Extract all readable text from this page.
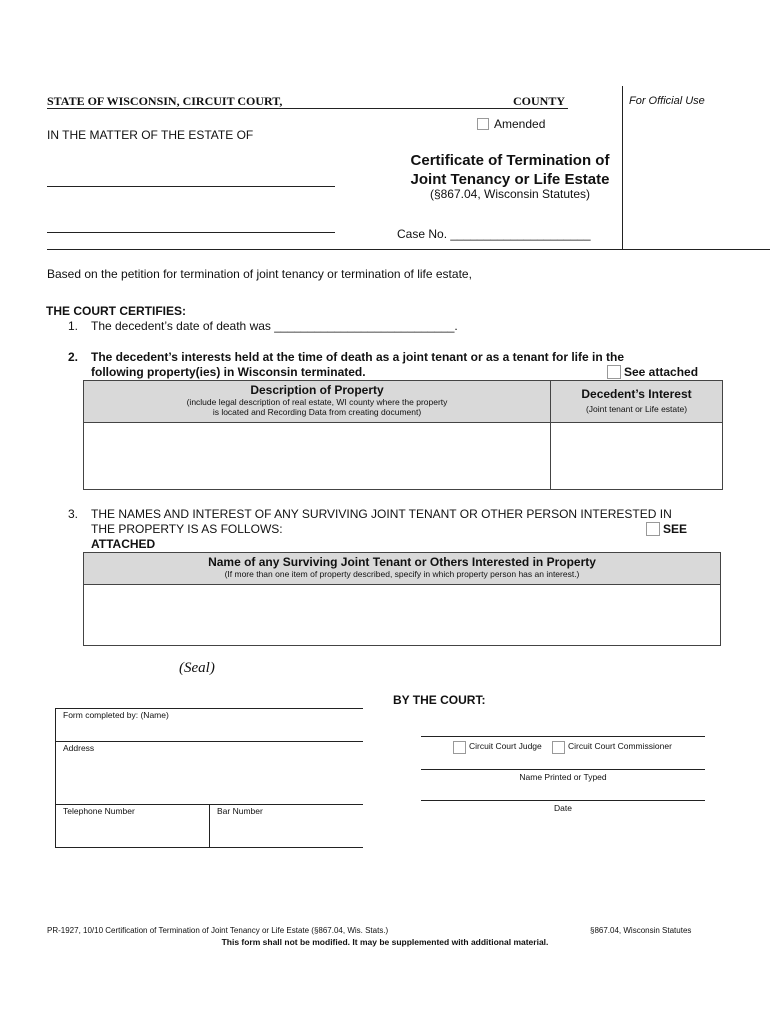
STATE OF WISCONSIN, CIRCUIT COURT,	COUNTY	For Official Use
IN THE MATTER OF THE ESTATE OF
Amended
Certificate of Termination of
Joint Tenancy or Life Estate
(§867.04, Wisconsin Statutes)
Case No. _____________________
Based on the petition for termination of joint tenancy or termination of life estate,
THE COURT CERTIFIES:
1. The decedent’s date of death was ___________________________.
2. The decedent’s interests held at the time of death as a joint tenant or as a tenant for life in the
following property(ies) in Wisconsin terminated.	See attached
Description of Property
(include legal description of real estate, WI county where the property
is located and Recording Data from creating document)
Decedent’s Interest
(Joint tenant or Life estate)
3. THE NAMES AND INTEREST OF ANY SURVIVING JOINT TENANT OR OTHER PERSON INTERESTED IN
THE PROPERTY IS AS FOLLOWS:	SEE
ATTACHED
Name of any Surviving Joint Tenant or Others Interested in Property
(If more than one item of property described, specify in which property person has an interest.)
(Seal)
BY THE COURT:
Form completed by: (Name)
Address
Telephone Number	Bar Number
Circuit Court Judge	Circuit Court Commissioner
Name Printed or Typed
Date
PR-1927, 10/10 Certification of Termination of Joint Tenancy or Life Estate (§867.04, Wis. Stats.)	§867.04, Wisconsin Statutes
This form shall not be modified. It may be supplemented with additional material.
